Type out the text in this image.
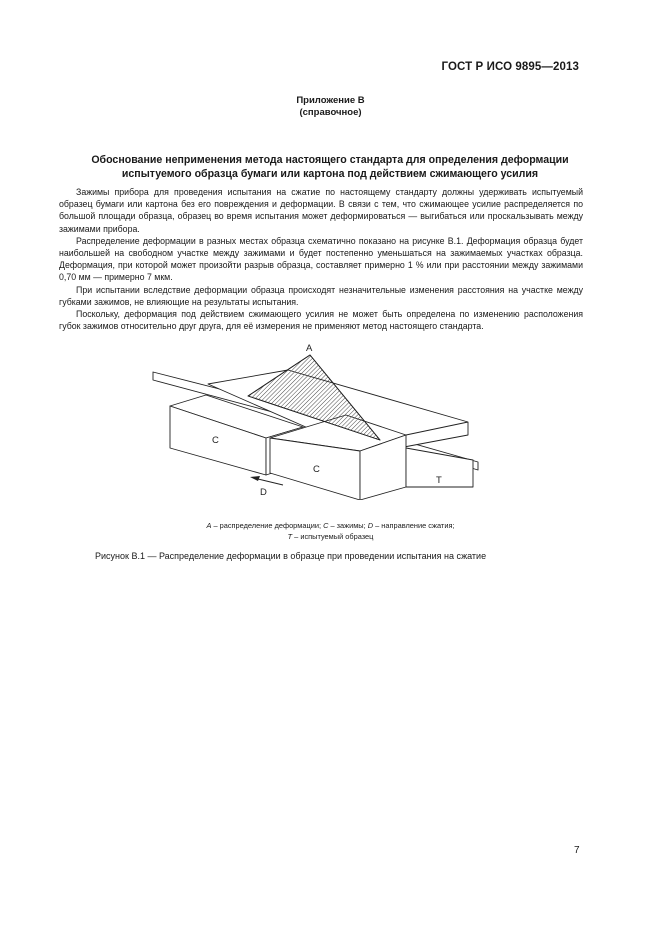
ГОСТ Р ИСО 9895—2013
Приложение В
(справочное)
Обоснование неприменения метода настоящего стандарта для определения деформации
испытуемого образца бумаги или картона под действием сжимающего усилия

Зажимы прибора для проведения испытания на сжатие по настоящему стандарту должны удерживать испытуемый образец бумаги или картона без его повреждения и деформации. В связи с тем, что сжимающее усилие распределяется по большой площади образца, образец во время испытания может деформироваться — выгибаться или проскальзывать между зажимами прибора.

Распределение деформации в разных местах образца схематично показано на рисунке В.1. Деформация образца будет наибольшей на свободном участке между зажимами и будет постепенно уменьшаться на зажимаемых участках образца. Деформация, при которой может произойти разрыв образца, составляет примерно 1 % или при расстоянии между зажимами 0,70 мм — примерно 7 мкм.

При испытании вследствие деформации образца происходят незначительные изменения расстояния на участке между губками зажимов, не влияющие на результаты испытания.

Поскольку, деформация под действием сжимающего усилия не может быть определена по изменению расположения губок зажимов относительно друг друга, для её измерения не применяют метод настоящего стандарта.

A
C
C
D
T
A – распределение деформации; C – зажимы; D – направление сжатия;
T – испытуемый образец
Рисунок В.1 — Распределение деформации в образце при проведении испытания на сжатие
7
